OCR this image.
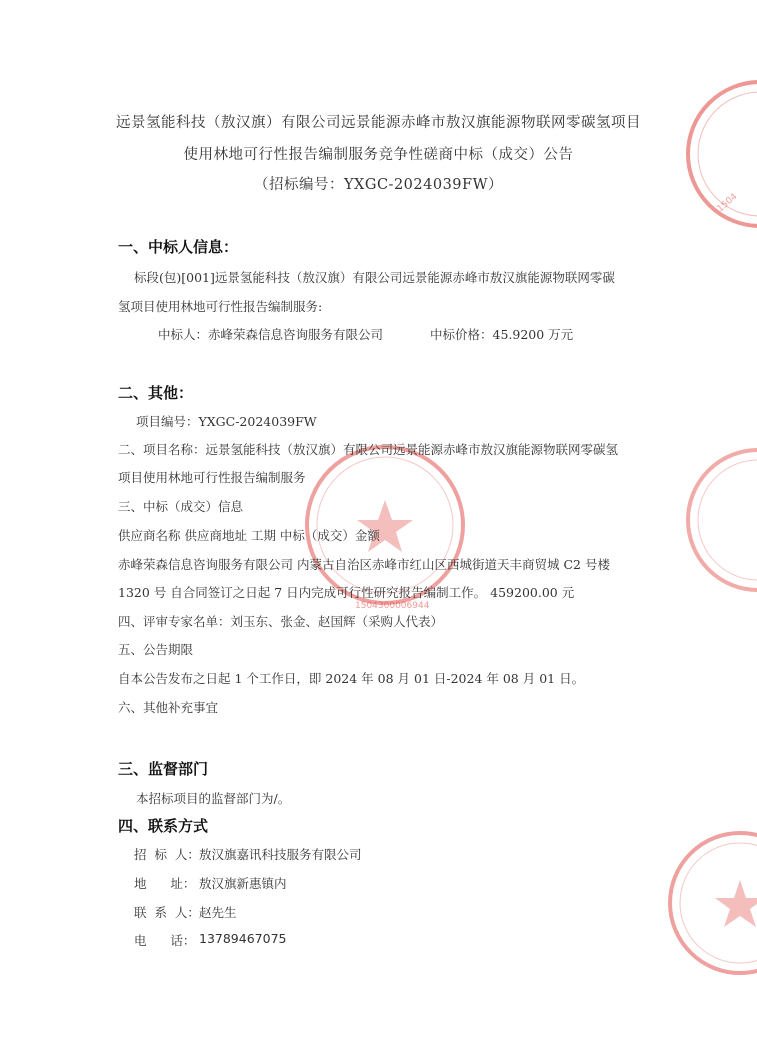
1504
1504300006944
远景氢能科技（敖汉旗）有限公司远景能源赤峰市敖汉旗能源物联网零碳氢项目
使用林地可行性报告编制服务竞争性磋商中标（成交）公告
（招标编号：YXGC-2024039FW）
一、中标人信息：
标段(包)[001]远景氢能科技（敖汉旗）有限公司远景能源赤峰市敖汉旗能源物联网零碳
氢项目使用林地可行性报告编制服务:
中标人：赤峰荣森信息咨询服务有限公司	中标价格：45.9200 万元
二、其他：
项目编号：YXGC-2024039FW
二、项目名称：远景氢能科技（敖汉旗）有限公司远景能源赤峰市敖汉旗能源物联网零碳氢
项目使用林地可行性报告编制服务
三、中标（成交）信息
供应商名称 供应商地址 工期 中标（成交）金额
赤峰荣森信息咨询服务有限公司 内蒙古自治区赤峰市红山区西城街道天丰商贸城 C2 号楼
1320 号 自合同签订之日起 7 日内完成可行性研究报告编制工作。 459200.00 元
四、评审专家名单：刘玉东、张金、赵国辉（采购人代表）
五、公告期限
自本公告发布之日起 1 个工作日，即 2024 年 08 月 01 日-2024 年 08 月 01 日。
六、其他补充事宜
三、监督部门
本招标项目的监督部门为/。
四、联系方式
招  标  人： 敖汉旗嘉讯科技服务有限公司
地      址： 敖汉旗新惠镇内
联  系  人： 赵先生
电      话： 13789467075
